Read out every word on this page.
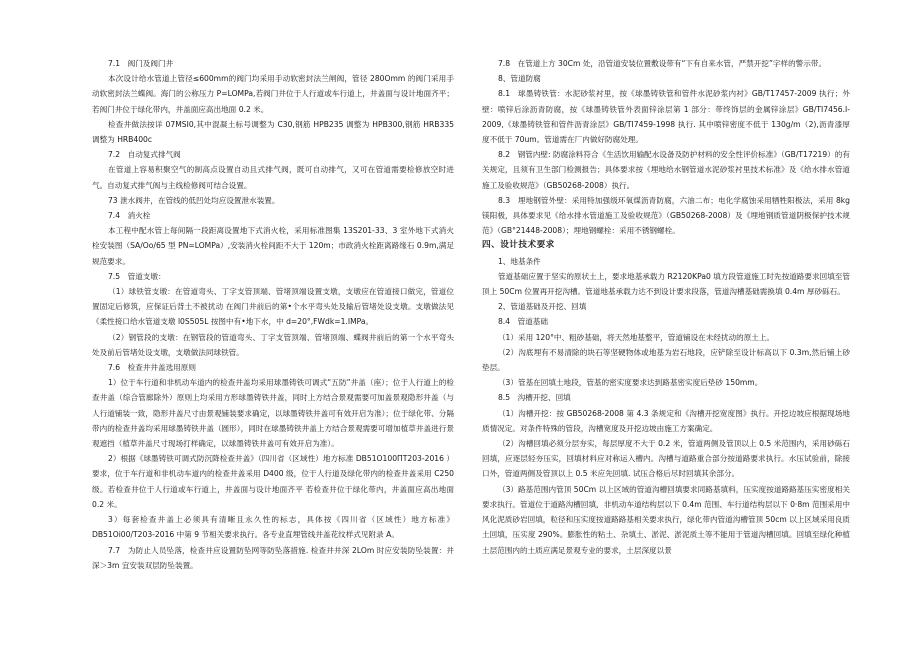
7.1　阀门及阀门井

本次设计给水管道上管径≤600mm的阀门均采用手动软密封法兰闸阀，管径 280Omm 的阀门采用手动软密封法兰蝶阀。海门的公称压力 P=LOMPa,若阀门井位于人行道或车行道上，井盖面与设计地面齐平；若阀门井位于绿化带内，井盖面应高出地面 0.2 米。

检查井做法按详 07MSI0,其中混凝土标号调整为 C30,钢筋 HPB235 调整为 HPB300,钢筋 HRB335 调整为 HRB400c

7.2　自动复式排气阀

在管道上容易积聚空气的制高点设置自动且式排气阀，既可自动排气，又可在管道需要检修放空时进气。自动复式排气阀与主线检修阀可结合设置。

73 泄水阀井，在管线的低凹处均应设置泄水装置。

7.4　消火栓

本工程中配水管上每间隔一段距离设置地下式消火栓，采用标准图集 13S201-33、3 室外地下式消火栓安装图（SA/Oo/65 型 PN=LOMPa）,安装消火栓间距不大于 120m；市政消火栓距离路缘石 0.9m,满足规范要求。

7.5　管道支墩：

（1）球铁管支墩：在管道弯头、丁字支管顶端、管堵顶端设置支墩，支墩应在管道接口做完，管道位置固定后修筑，应保证后背土不被扰动 在阀门井前后的第•个水平弯头处及输后管堵处设支墩。支墩做法见《柔性接口给水管道支墩 l0S505L 按图中有•地下水，中 d=20°,FWdk=1.IMPa。

（2）钢管段的支墩：在钢管段的管道弯头、丁字支管顶端、管堵顶端、蝶阀井前后的第一个水平弯头处及前后管堵处设支墩，支墩做法同球铁管。

7.6　检查井井盖选用原则

1）位于车行道和非机动车道内的检查井盖均采用球墨铸铁可调式“五防”井盖（座）；位于人行道上的检查井盖（综合管廊除外）原则上均采用方形球墨铸铁井盖，同时上方结合景观需要可加盖景观隐形井盖（与人行道铺装一致，隐形井盖尺寸由景观铺装要求确定，以球墨铸铁井盖可有效开启为准）；位于绿化带、分隔带内的检查井盖均采用球墨铸铁井盖（圆形），同时在球墨铸铁井盖上方结合景观需要可增加植草井盖进行景观遮挡（植草井盖尺寸现场打样确定，以球墨铸铁井盖可有效开启为准）。

2）根据《球墨铸铁可调式防沉降检查井盖》（四川省（区域性）地方标准 DB51O100ΠT203-2016 ）要求，位于车行道和非机动车道内的检查井盖采用 D400 级，位于人行道及绿化带内的检查井盖采用 C250 级。若检查井位于人行道或车行道上，井盖面与设计地面齐平 若检查井位于绿化带内，井盖面应高出地面 0.2 米。

3）每套检查井盖上必须具有清晰且永久性的标志，具体按《四川省（区域性）地方标准》DB51Oi00/T203-2016 中第 9 节相关要求执行。各专业直埋管线井盖花纹样式见附录 A。

7.7　为防止人员坠落，检查井应设置防坠网等防坠落措施. 检查井井深 2LOm 时应安装防坠装置：井深＞3m 宜安装双层防坠装置。

7.8　在管道上方 30Cm 处，沿管道安装位置敷设带有“下有自来水管，严禁开挖”字样的警示带。

8、管道防腐

8.1　球墨铸铁管：水泥砂浆衬里，按《球墨铸铁管和管件水泥砂浆内衬》GB/T17457-2009 执行；外壁：喷锌后涂沥青防腐，按《球墨铸铁管外表面锌涂层第 1 部分：带终饰层的金属锌涂层》GB/TI7456.I-2009,《球墨铸铁管和管件沥青涂层》GB/TI7459-1998 执行. 其中喷锌密度不低于 130g/m（2),沥青漆厚度不低于 70um。管道需在厂内做好防腐处理。

8.2　钢管内壁: 防腐涂料符合《生活饮用输配水设备及防护材料的安全性评价标准》（GB/T17219）的有关规定，且须有卫生部门检测报告；具体要求按《埋地给水钢管道水泥砂浆衬里技术标准》及《给水排水管道施工及验收规范》（GB50268-2008）执行。

8.3　埋地钢管外壁：采用特加强级环氧煤沥青防腐，六油二布；电化学腐蚀采用牺牲阳极法，采用 8kg 镁阳极，具体要求见《给水排水管道施工及验收规范》（GB50268-2008）及《埋地钢质管道阴极保护技术规范》（GB°21448-2008）；埋地钢螺栓：采用不锈钢螺栓。

四、设计技术要求

1、地基条件

管道基础应置于坚实的原状土上，要求地基承载力 R2120KPa0 填方段管道施工时先按道路要求回填至管顶上 50Cm 位置再开挖沟槽。管道地基承载力达不到设计要求段落，管道沟槽基础需换填 0.4m 厚砂砾石。

2、管道基础及开挖、回填

8.4　管道基础

（1）采用 120°中、粗砂基础，将天然地基整平，管道铺设在未经扰动的原土上。

（2）沟底埋有不易清除的块石等坚硬物体或地基为岩石地段，应铲除至设计标高以下 0.3m,然后铺上砂垫层。

（3）管基在回填土地段，管基的密实度要求达到路基密实度后垫砂 150mm。

8.5　沟槽开挖、回填

（1）沟槽开挖：按 GB50268-2008 第 4.3 条规定和《沟槽开挖宽度图》执行。开挖边坡应根据现场地质情况定。对条件特殊的管段，沟槽宽度及开挖边坡由施工方案确定。

（2）沟槽回填必须分层夯实，每层厚度不大于 0.2 米，管道两侧及管顶以上 0.5 米范围内，采用砂砾石回填，应逐层轻夯压实，回填材料应对称运入槽内。沟槽与道路重合部分按道路要求执行。水压试验前，除接口外，管道两侧及管顶以上 0.5 米应先回填. 试压合格后尽时回填其余部分。

（3）路基范围内管顶 50Cm 以上区域的管道沟槽回填要求同路基填料，压实度按道路路基压实密度相关要求执行。管道位于道路沟槽回填，非机动车道结构层以下 0.4m 范围、车行道结构层以下 0·8m 范围采用中风化泥质砂岩回填，粒径和压实度按道路路基相关要求执行，绿化带内管道沟槽管顶 50cm 以上区域采用良质土回填，压实度 290%。膨胀性的粘土、杂填土、淤泥、淤泥质土等不能用于管道沟槽回填。回填至绿化种植土层范围内的土质应满足景观专业的要求，土层深度以景
